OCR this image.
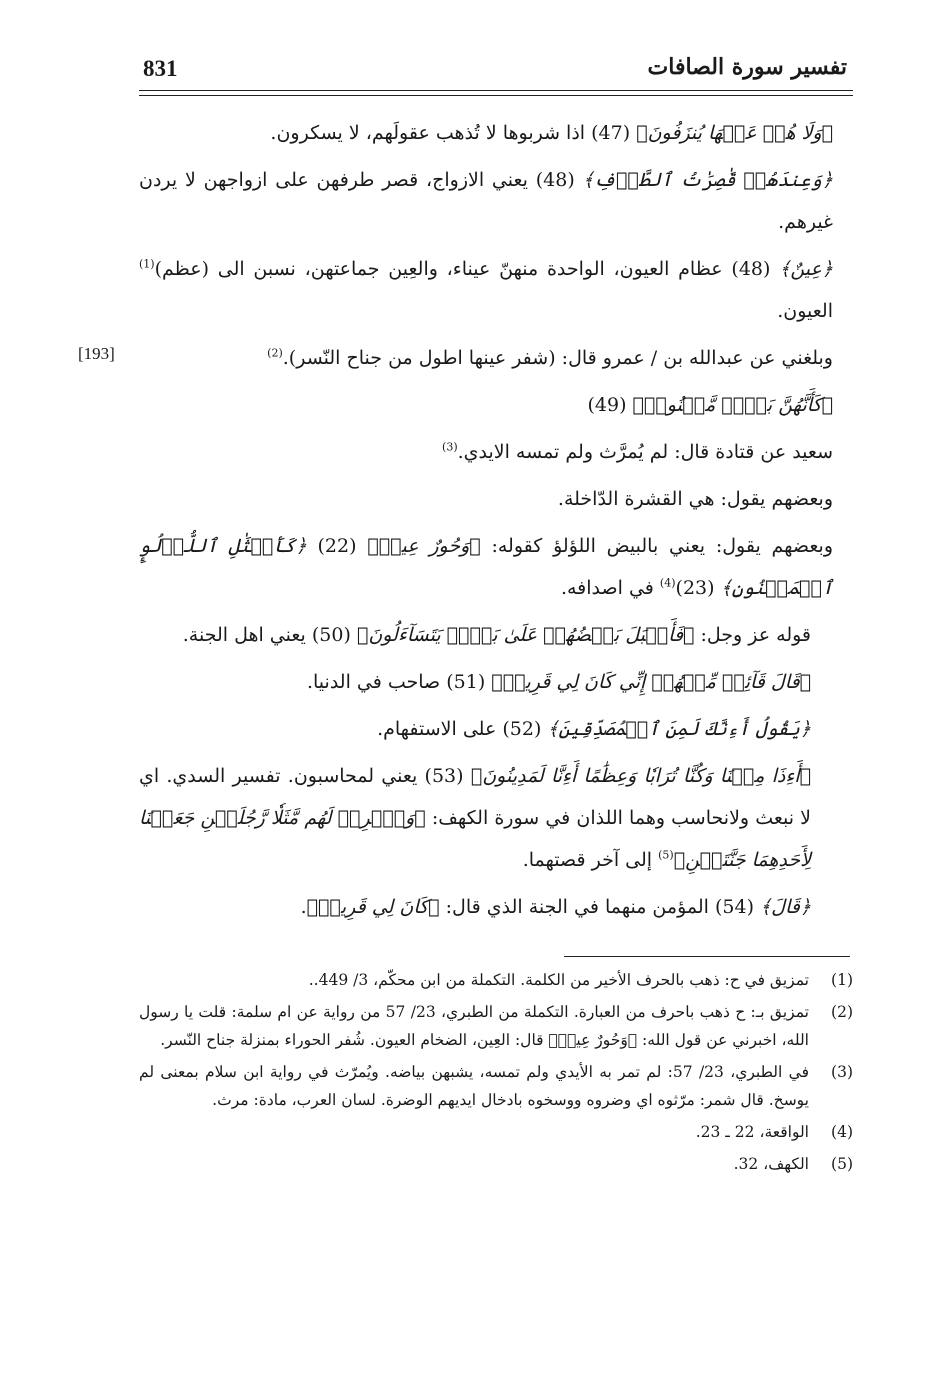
831	تفسير سورة الصافات
[193]

﴿وَلَا هُمۡ عَنۡهَا يُنزَفُونَ﴾ (47) اذا شربوها لا تُذهب عقولَهم، لا يسكرون.

﴿وَعِندَهُمۡ قَٰصِرَٰتُ ٱلطَّرۡفِ﴾ (48) يعني الازواج، قصر طرفهن على ازواجهن لا يردن غيرهم.

﴿عِينٌ﴾ (48) عظام العيون، الواحدة منهنّ عيناء، والعِين جماعتهن، نسبن الى (عظم)$^{(1)}$ العيون.

وبلغني عن عبدالله بن / عمرو قال: (شفر عينها اطول من جناح النّسر).$^{(2)}$

﴿كَأَنَّهُنَّ بَيۡضٞ مَّكۡنُونٞ﴾ (49)

سعيد عن قتادة قال: لم يُمرَّث ولم تمسه الايدي.$^{(3)}$

وبعضهم يقول: هي القشرة الدّاخلة.

وبعضهم يقول: يعني بالبيض اللؤلؤ كقوله: ﴿وَحُورٌ عِينٞ﴾ (22) ﴿كَأَمۡثَٰلِ ٱللُّؤۡلُوِٕ ٱلۡمَكۡنُونِ﴾ $(23)^{(4)}$ في اصدافه.

قوله عز وجل: ﴿فَأَقۡبَلَ بَعۡضُهُمۡ عَلَىٰ بَعۡضٖ يَتَسَآءَلُونَ﴾ (50) يعني اهل الجنة.

﴿قَالَ قَآئِلٞ مِّنۡهُمۡ إِنِّي كَانَ لِي قَرِينٞ﴾ (51) صاحب في الدنيا.

﴿يَقُولُ أَءِنَّكَ لَمِنَ ٱلۡمُصَدِّقِينَ﴾ (52) على الاستفهام.

﴿أَءِذَا مِتۡنَا وَكُنَّا تُرَابٗا وَعِظَٰمًا أَءِنَّا لَمَدِينُونَ﴾ (53) يعني لمحاسبون. تفسير السدي. اي لا نبعث ولانحاسب وهما اللذان في سورة الكهف: ﴿وَٱضۡرِبۡ لَهُم مَّثَلٗا رَّجُلَيۡنِ جَعَلۡنَا لِأَحَدِهِمَا جَنَّتَيۡنِ﴾$^{(5)}$ إلى آخر قصتهما.

﴿قَالَ﴾ (54) المؤمن منهما في الجنة الذي قال: ﴿كَانَ لِي قَرِينٞ﴾.

(1)
تمزيق في ح: ذهب بالحرف الأخير من الكلمة. التكملة من ابن محكّم، 3/ 449..
(2)
تمزيق بـ: ح ذهب باحرف من العبارة. التكملة من الطبري، 23/ 57 من رواية عن ام سلمة: قلت يا رسول الله، اخبرني عن قول الله: ﴿وَحُورٌ عِينٞ﴾ قال: العِين، الضخام العيون. شُفر الحوراء بمنزلة جناح النّسر.
(3)
في الطبري، 23/ 57: لم تمر به الأيدي ولم تمسه، يشبهن بياضه. ويُمرّث في رواية ابن سلام بمعنى لم يوسخ. قال شمر: مرّثوه اي وضروه ووسخوه بادخال ايديهم الوضرة. لسان العرب، مادة: مرث.
(4)
الواقعة، 22 ـ 23.
(5)
الكهف، 32.
